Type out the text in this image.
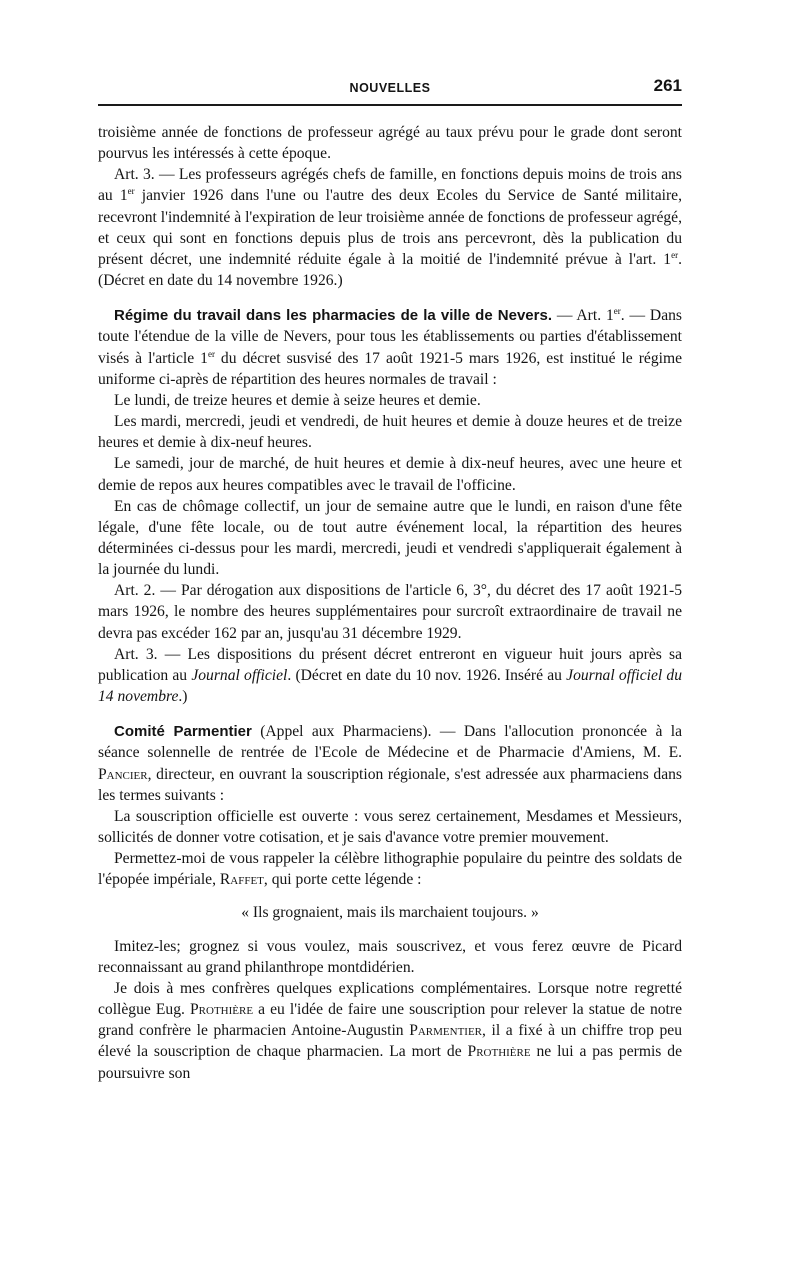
NOUVELLES	261

troisième année de fonctions de professeur agrégé au taux prévu pour le grade dont seront pourvus les intéressés à cette époque.

Art. 3. — Les professeurs agrégés chefs de famille, en fonctions depuis moins de trois ans au 1er janvier 1926 dans l'une ou l'autre des deux Ecoles du Service de Santé militaire, recevront l'indemnité à l'expiration de leur troisième année de fonctions de professeur agrégé, et ceux qui sont en fonctions depuis plus de trois ans percevront, dès la publication du présent décret, une indemnité réduite égale à la moitié de l'indemnité prévue à l'art. 1er. (Décret en date du 14 novembre 1926.)

Régime du travail dans les pharmacies de la ville de Nevers. — Art. 1er. — Dans toute l'étendue de la ville de Nevers, pour tous les établissements ou parties d'établissement visés à l'article 1er du décret susvisé des 17 août 1921-5 mars 1926, est institué le régime uniforme ci-après de répartition des heures normales de travail :

Le lundi, de treize heures et demie à seize heures et demie.

Les mardi, mercredi, jeudi et vendredi, de huit heures et demie à douze heures et de treize heures et demie à dix-neuf heures.

Le samedi, jour de marché, de huit heures et demie à dix-neuf heures, avec une heure et demie de repos aux heures compatibles avec le travail de l'officine.

En cas de chômage collectif, un jour de semaine autre que le lundi, en raison d'une fête légale, d'une fête locale, ou de tout autre événement local, la répartition des heures déterminées ci-dessus pour les mardi, mercredi, jeudi et vendredi s'appliquerait également à la journée du lundi.

Art. 2. — Par dérogation aux dispositions de l'article 6, 3°, du décret des 17 août 1921-5 mars 1926, le nombre des heures supplémentaires pour surcroît extraordinaire de travail ne devra pas excéder 162 par an, jusqu'au 31 décembre 1929.

Art. 3. — Les dispositions du présent décret entreront en vigueur huit jours après sa publication au Journal officiel. (Décret en date du 10 nov. 1926. Inséré au Journal officiel du 14 novembre.)

Comité Parmentier (Appel aux Pharmaciens). — Dans l'allocution prononcée à la séance solennelle de rentrée de l'Ecole de Médecine et de Pharmacie d'Amiens, M. E. Pancier, directeur, en ouvrant la souscription régionale, s'est adressée aux pharmaciens dans les termes suivants :

La souscription officielle est ouverte : vous serez certainement, Mesdames et Messieurs, sollicités de donner votre cotisation, et je sais d'avance votre premier mouvement.

Permettez-moi de vous rappeler la célèbre lithographie populaire du peintre des soldats de l'épopée impériale, Raffet, qui porte cette légende :

« Ils grognaient, mais ils marchaient toujours. »

Imitez-les; grognez si vous voulez, mais souscrivez, et vous ferez œuvre de Picard reconnaissant au grand philanthrope montdidérien.

Je dois à mes confrères quelques explications complémentaires. Lorsque notre regretté collègue Eug. Prothière a eu l'idée de faire une souscription pour relever la statue de notre grand confrère le pharmacien Antoine-Augustin Parmentier, il a fixé à un chiffre trop peu élevé la souscription de chaque pharmacien. La mort de Prothière ne lui a pas permis de poursuivre son
